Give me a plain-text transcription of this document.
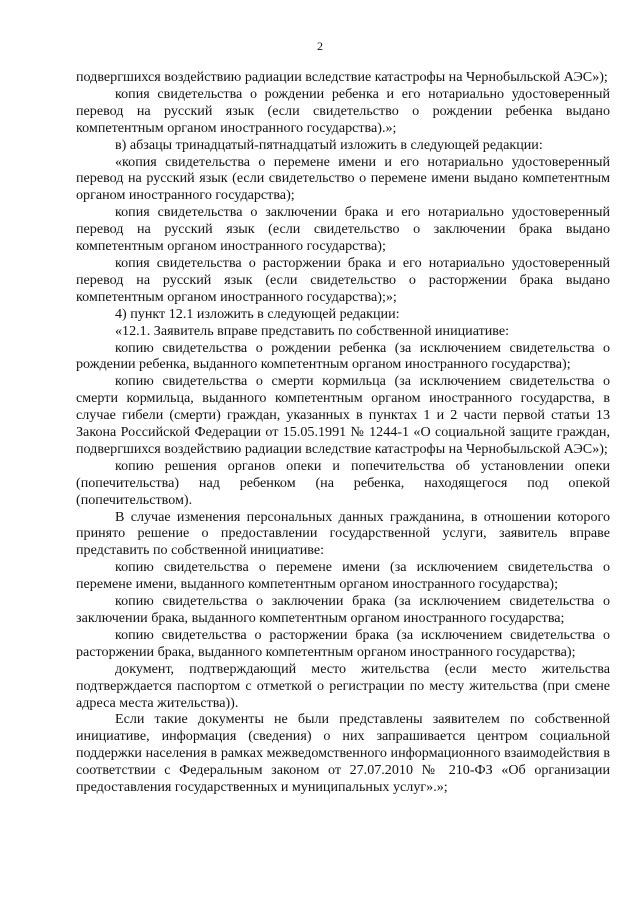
2

подвергшихся воздействию радиации вследствие катастрофы на Чернобыльской АЭС»);

копия свидетельства о рождении ребенка и его нотариально удостоверенный перевод на русский язык (если свидетельство о рождении ребенка выдано компетентным органом иностранного государства).»;

в) абзацы тринадцатый-пятнадцатый изложить в следующей редакции:

«копия свидетельства о перемене имени и его нотариально удостоверенный перевод на русский язык (если свидетельство о перемене имени выдано компетентным органом иностранного государства);

копия свидетельства о заключении брака и его нотариально удостоверенный перевод на русский язык (если свидетельство о заключении брака выдано компетентным органом иностранного государства);

копия свидетельства о расторжении брака и его нотариально удостоверенный перевод на русский язык (если свидетельство о расторжении брака выдано компетентным органом иностранного государства);»;

4) пункт 12.1 изложить в следующей редакции:

«12.1. Заявитель вправе представить по собственной инициативе:

копию свидетельства о рождении ребенка (за исключением свидетельства о рождении ребенка, выданного компетентным органом иностранного государства);

копию свидетельства о смерти кормильца (за исключением свидетельства о смерти кормильца, выданного компетентным органом иностранного государства, в случае гибели (смерти) граждан, указанных в пунктах 1 и 2 части первой статьи 13 Закона Российской Федерации от 15.05.1991 № 1244-1 «О социальной защите граждан, подвергшихся воздействию радиации вследствие катастрофы на Чернобыльской АЭС»);

копию решения органов опеки и попечительства об установлении опеки (попечительства) над ребенком (на ребенка, находящегося под опекой (попечительством).

В случае изменения персональных данных гражданина, в отношении которого принято решение о предоставлении государственной услуги, заявитель вправе представить по собственной инициативе:

копию свидетельства о перемене имени (за исключением свидетельства о перемене имени, выданного компетентным органом иностранного государства);

копию свидетельства о заключении брака (за исключением свидетельства о заключении брака, выданного компетентным органом иностранного государства;

копию свидетельства о расторжении брака (за исключением свидетельства о расторжении брака, выданного компетентным органом иностранного государства);

документ, подтверждающий место жительства (если место жительства подтверждается паспортом с отметкой о регистрации по месту жительства (при смене адреса места жительства)).

Если такие документы не были представлены заявителем по собственной инициативе, информация (сведения) о них запрашивается центром социальной поддержки населения в рамках межведомственного информационного взаимодействия в соответствии с Федеральным законом от 27.07.2010 № 210-ФЗ «Об организации предоставления государственных и муниципальных услуг».»;
